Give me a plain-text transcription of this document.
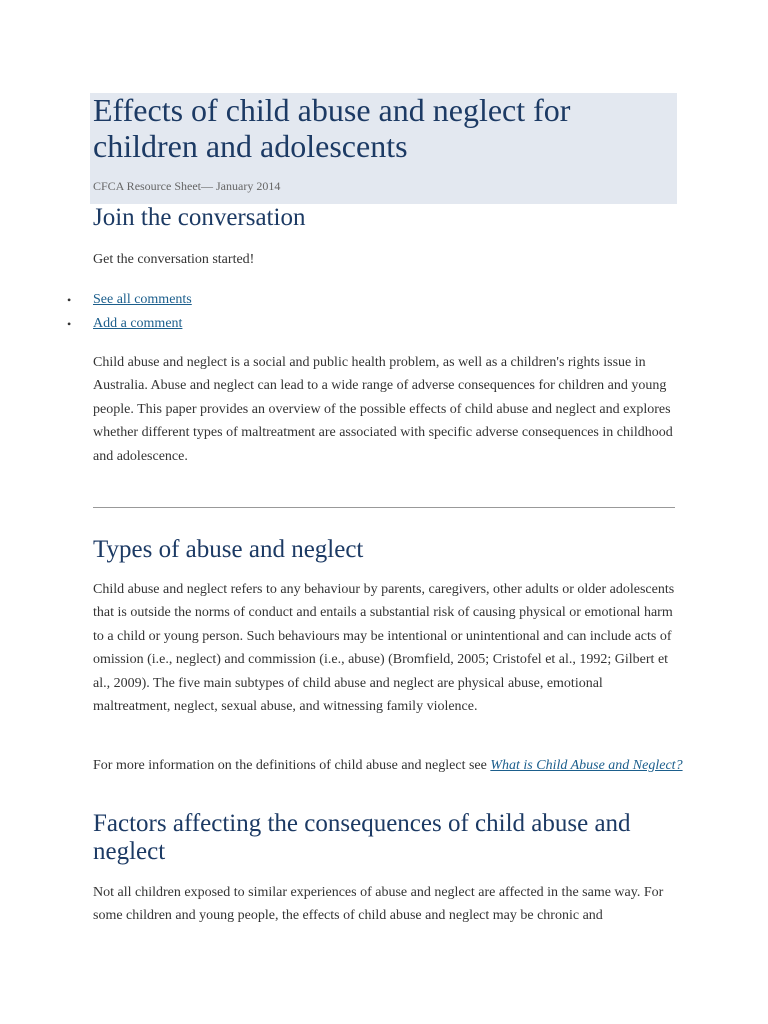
Effects of child abuse and neglect for children and adolescents
CFCA Resource Sheet— January 2014
Join the conversation

Get the conversation started!

• See all comments
• Add a comment

Child abuse and neglect is a social and public health problem, as well as a children's rights issue in Australia. Abuse and neglect can lead to a wide range of adverse consequences for children and young people. This paper provides an overview of the possible effects of child abuse and neglect and explores whether different types of maltreatment are associated with specific adverse consequences in childhood and adolescence.

Types of abuse and neglect

Child abuse and neglect refers to any behaviour by parents, caregivers, other adults or older adolescents that is outside the norms of conduct and entails a substantial risk of causing physical or emotional harm to a child or young person. Such behaviours may be intentional or unintentional and can include acts of omission (i.e., neglect) and commission (i.e., abuse) (Bromfield, 2005; Cristofel et al., 1992; Gilbert et al., 2009). The five main subtypes of child abuse and neglect are physical abuse, emotional maltreatment, neglect, sexual abuse, and witnessing family violence.

For more information on the definitions of child abuse and neglect see What is Child Abuse and Neglect?

Factors affecting the consequences of child abuse and neglect

Not all children exposed to similar experiences of abuse and neglect are affected in the same way. For some children and young people, the effects of child abuse and neglect may be chronic and
